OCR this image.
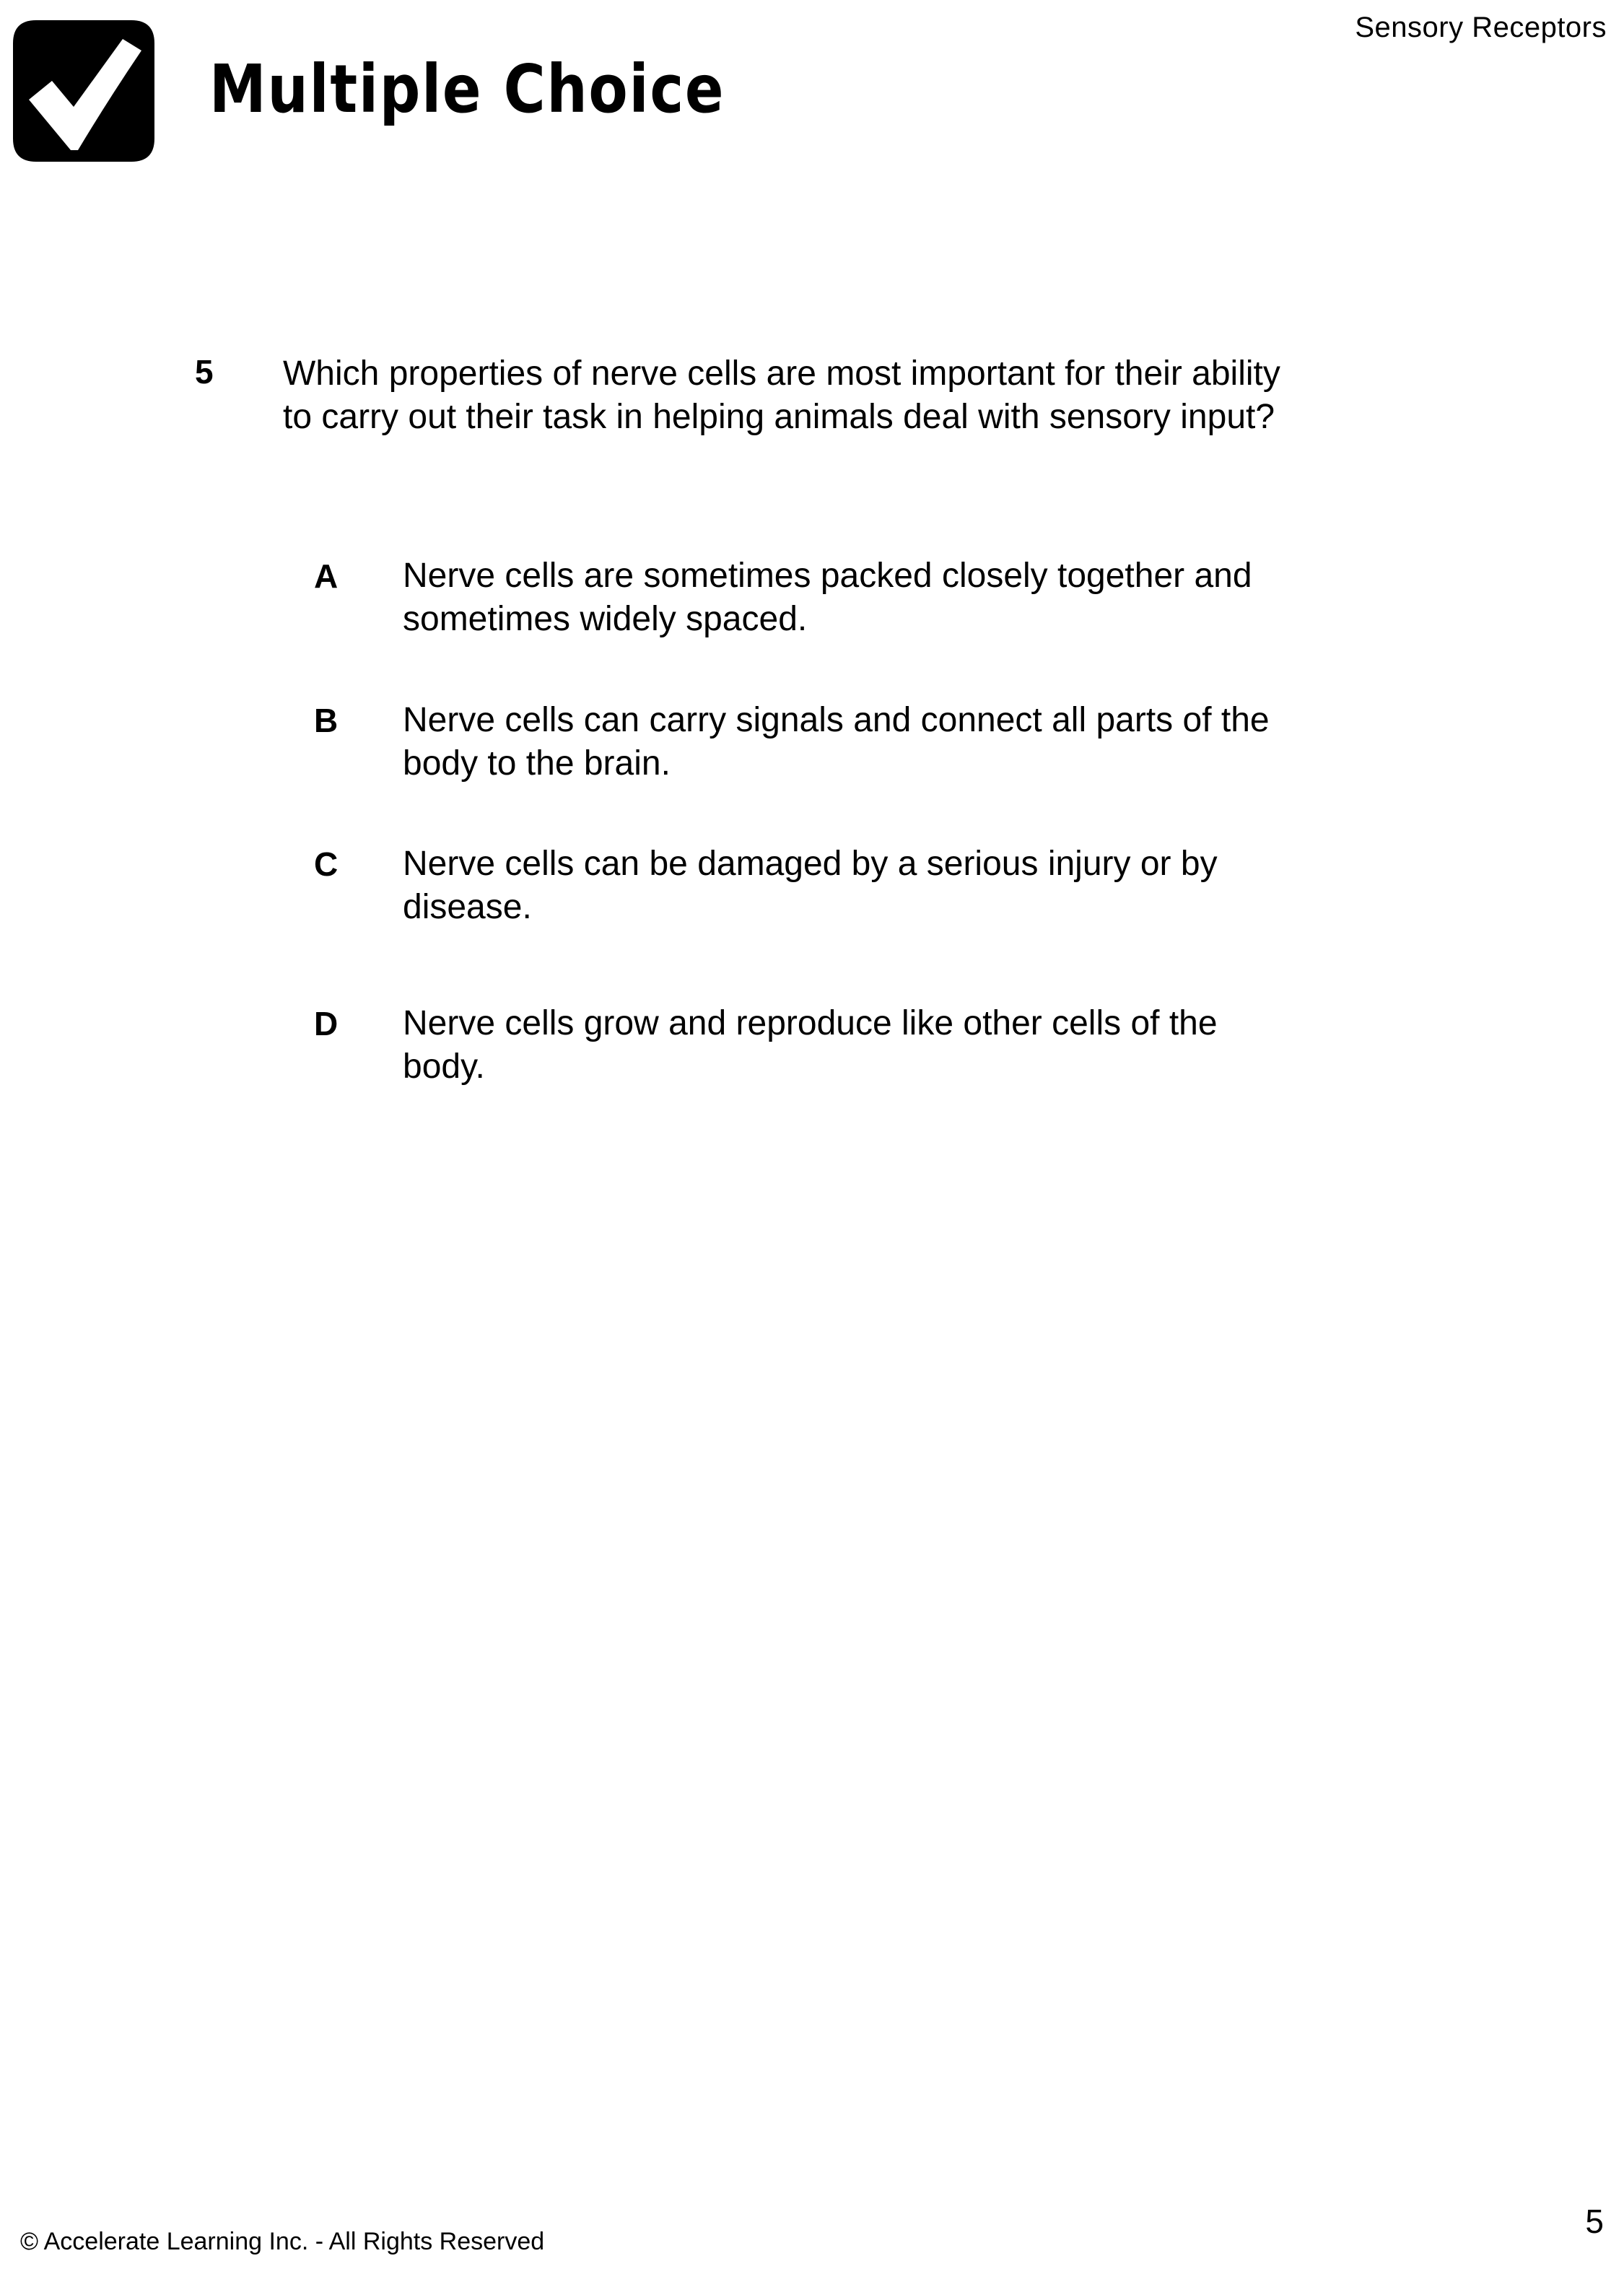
Sensory Receptors
Multiple Choice
5 Which properties of nerve cells are most important for their ability to carry out their task in helping animals deal with sensory input?
A Nerve cells are sometimes packed closely together and sometimes widely spaced.
B Nerve cells can carry signals and connect all parts of the body to the brain.
C Nerve cells can be damaged by a serious injury or by disease.
D Nerve cells grow and reproduce like other cells of the body.
© Accelerate Learning Inc. - All Rights Reserved
5
